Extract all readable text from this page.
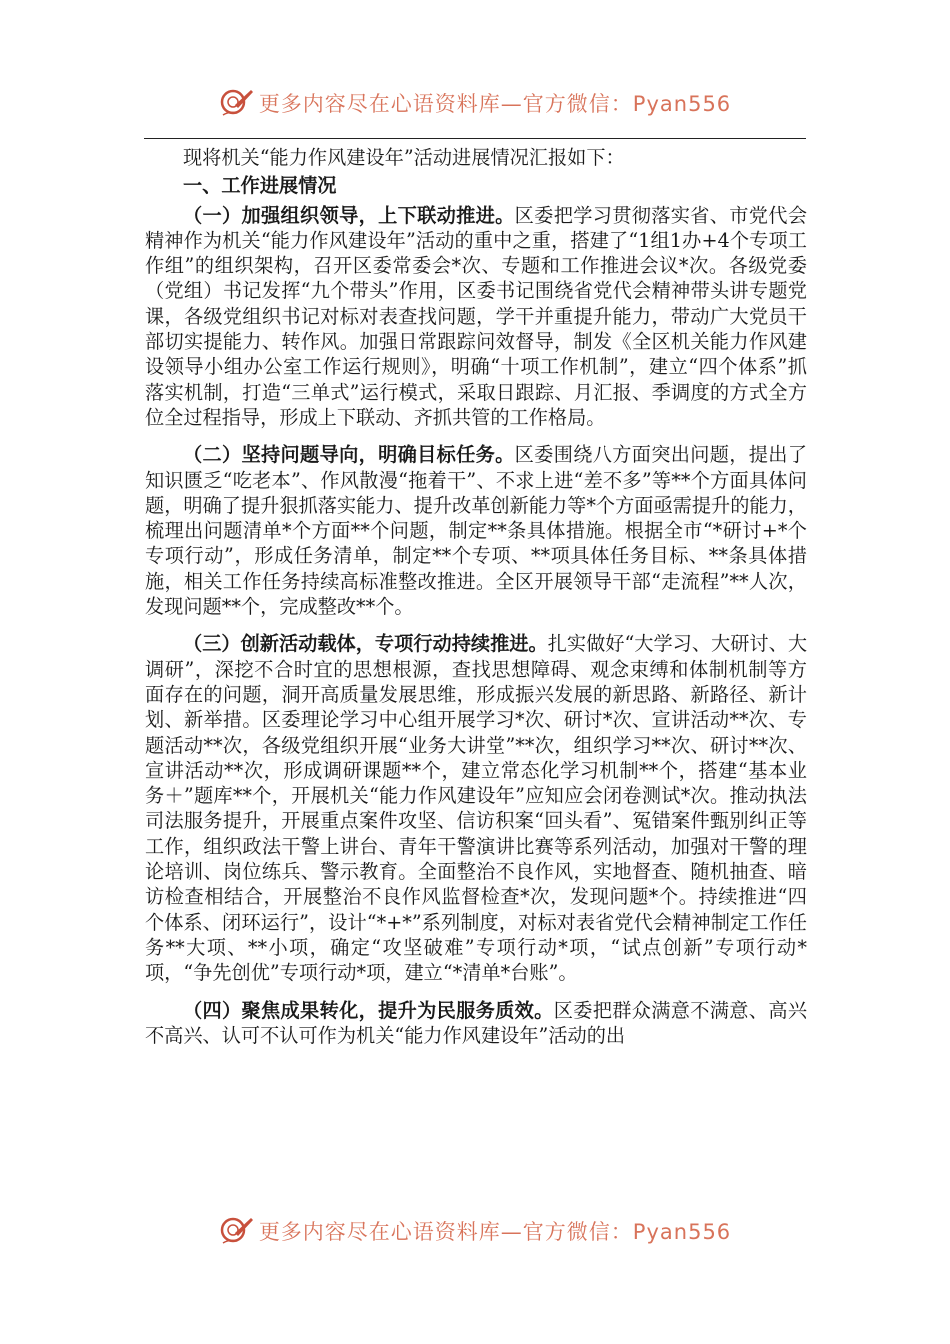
更多内容尽在心语资料库—官方微信：Pyan556

现将机关“能力作风建设年”活动进展情况汇报如下：

一、工作进展情况

（一）加强组织领导，上下联动推进。区委把学习贯彻落实省、市党代会精神作为机关“能力作风建设年”活动的重中之重，搭建了“1组1办+4个专项工作组”的组织架构，召开区委常委会*次、专题和工作推进会议*次。各级党委（党组）书记发挥“九个带头”作用，区委书记围绕省党代会精神带头讲专题党课，各级党组织书记对标对表查找问题，学干并重提升能力，带动广大党员干部切实提能力、转作风。加强日常跟踪问效督导，制发《全区机关能力作风建设领导小组办公室工作运行规则》，明确“十项工作机制”，建立“四个体系”抓落实机制，打造“三单式”运行模式，采取日跟踪、月汇报、季调度的方式全方位全过程指导，形成上下联动、齐抓共管的工作格局。

（二）坚持问题导向，明确目标任务。区委围绕八方面突出问题，提出了知识匮乏“吃老本”、作风散漫“拖着干”、不求上进“差不多”等**个方面具体问题，明确了提升狠抓落实能力、提升改革创新能力等*个方面亟需提升的能力，梳理出问题清单*个方面**个问题，制定**条具体措施。根据全市“*研讨+*个专项行动”，形成任务清单，制定**个专项、**项具体任务目标、**条具体措施，相关工作任务持续高标准整改推进。全区开展领导干部“走流程”**人次，发现问题**个，完成整改**个。

（三）创新活动载体，专项行动持续推进。扎实做好“大学习、大研讨、大调研”，深挖不合时宜的思想根源，查找思想障碍、观念束缚和体制机制等方面存在的问题，洞开高质量发展思维，形成振兴发展的新思路、新路径、新计划、新举措。区委理论学习中心组开展学习*次、研讨*次、宣讲活动**次、专题活动**次，各级党组织开展“业务大讲堂”**次，组织学习**次、研讨**次、宣讲活动**次，形成调研课题**个，建立常态化学习机制**个，搭建“基本业务＋”题库**个，开展机关“能力作风建设年”应知应会闭卷测试*次。推动执法司法服务提升，开展重点案件攻坚、信访积案“回头看”、冤错案件甄别纠正等工作，组织政法干警上讲台、青年干警演讲比赛等系列活动，加强对干警的理论培训、岗位练兵、警示教育。全面整治不良作风，实地督查、随机抽查、暗访检查相结合，开展整治不良作风监督检查*次，发现问题*个。持续推进“四个体系、闭环运行”，设计“*+*”系列制度，对标对表省党代会精神制定工作任务**大项、**小项，确定“攻坚破难”专项行动*项，“试点创新”专项行动*项，“争先创优”专项行动*项，建立“*清单*台账”。

（四）聚焦成果转化，提升为民服务质效。区委把群众满意不满意、高兴不高兴、认可不认可作为机关“能力作风建设年”活动的出

更多内容尽在心语资料库—官方微信：Pyan556
